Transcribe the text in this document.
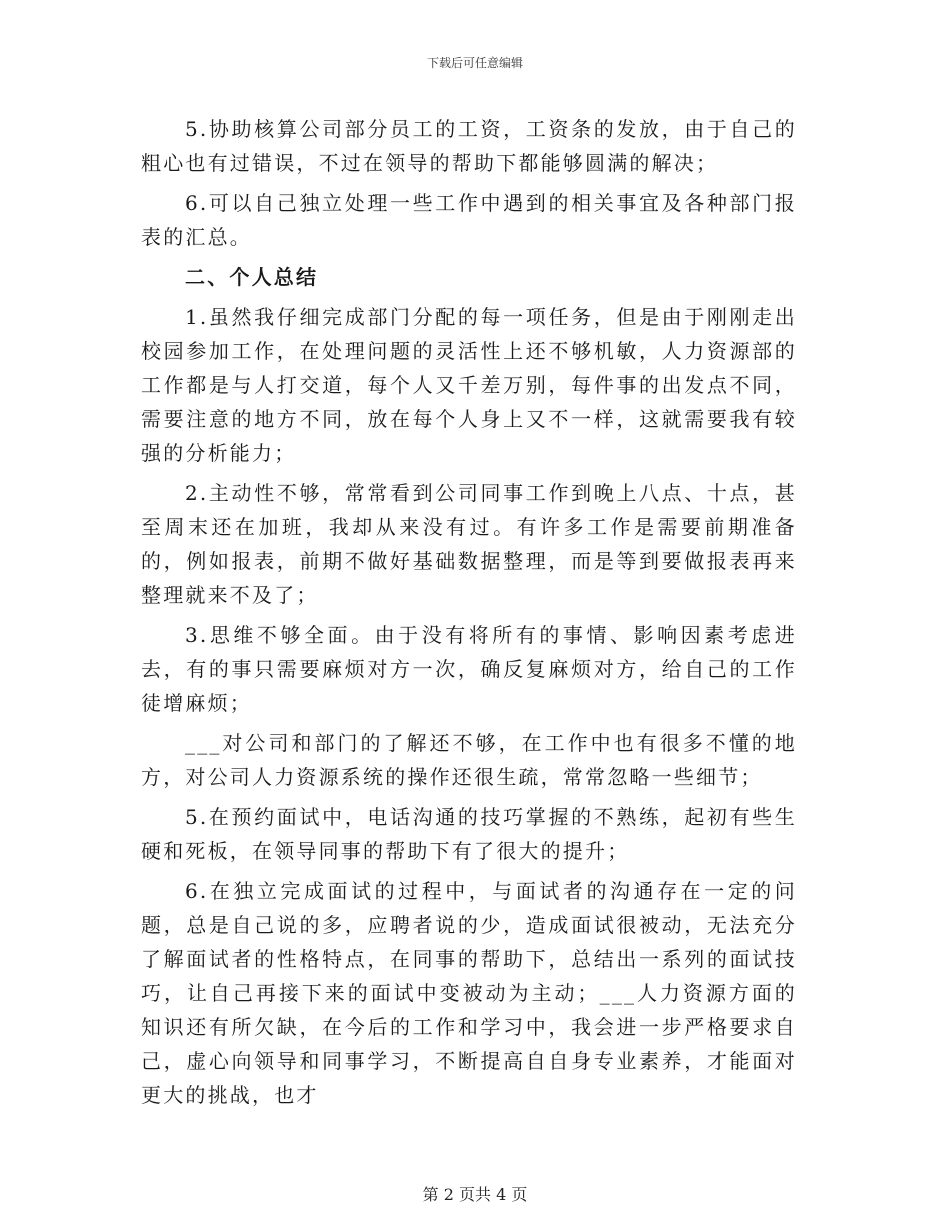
下载后可任意编辑

5.协助核算公司部分员工的工资，工资条的发放，由于自己的粗心也有过错误，不过在领导的帮助下都能够圆满的解决；

6.可以自己独立处理一些工作中遇到的相关事宜及各种部门报表的汇总。

二、个人总结

1.虽然我仔细完成部门分配的每一项任务，但是由于刚刚走出校园参加工作，在处理问题的灵活性上还不够机敏，人力资源部的工作都是与人打交道，每个人又千差万别，每件事的出发点不同，需要注意的地方不同，放在每个人身上又不一样，这就需要我有较强的分析能力；

2.主动性不够，常常看到公司同事工作到晚上八点、十点，甚至周末还在加班，我却从来没有过。有许多工作是需要前期准备的，例如报表，前期不做好基础数据整理，而是等到要做报表再来整理就来不及了；

3.思维不够全面。由于没有将所有的事情、影响因素考虑进去，有的事只需要麻烦对方一次，确反复麻烦对方，给自己的工作徒增麻烦；

___对公司和部门的了解还不够，在工作中也有很多不懂的地方，对公司人力资源系统的操作还很生疏，常常忽略一些细节；

5.在预约面试中，电话沟通的技巧掌握的不熟练，起初有些生硬和死板，在领导同事的帮助下有了很大的提升；

6.在独立完成面试的过程中，与面试者的沟通存在一定的问题，总是自己说的多，应聘者说的少，造成面试很被动，无法充分了解面试者的性格特点，在同事的帮助下，总结出一系列的面试技巧，让自己再接下来的面试中变被动为主动；___人力资源方面的知识还有所欠缺，在今后的工作和学习中，我会进一步严格要求自己，虚心向领导和同事学习，不断提高自自身专业素养，才能面对更大的挑战，也才

第 2 页共 4 页
